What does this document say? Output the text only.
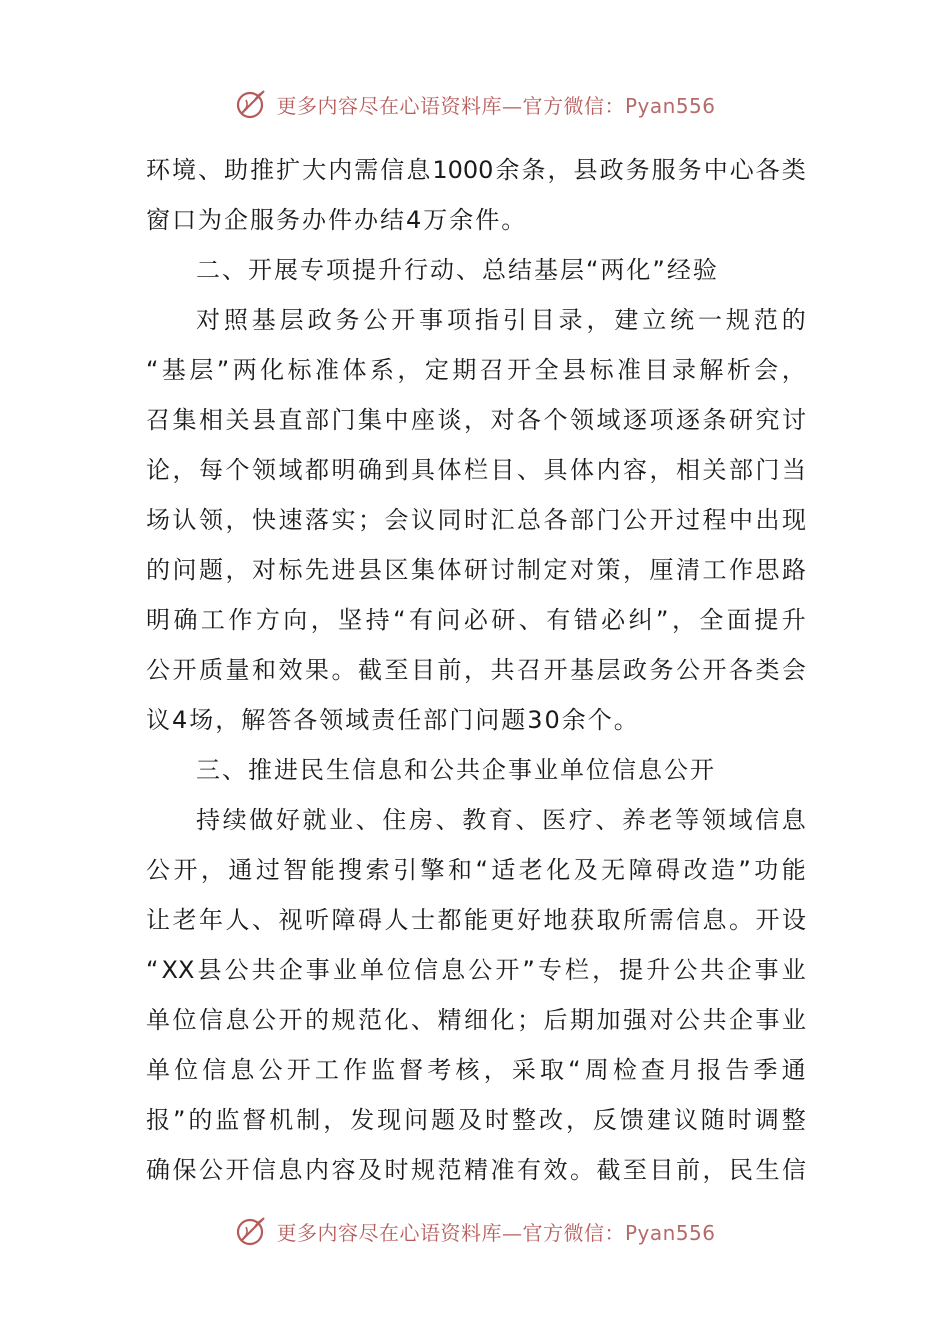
更多内容尽在心语资料库—官方微信：Pyan556
环 境 、 助 推 扩 大 内 需 信 息 1000 余 条 ， 县 政 务 服 务 中 心 各 类
窗口为企服务办件办结4万余件。
二、开展专项提升行动、总结基层“两化”经验
对 照 基 层 政 务 公 开 事 项 指 引 目 录 ， 建 立 统 一 规 范 的
“ 基 层 ” 两 化 标 准 体 系 ， 定 期 召 开 全 县 标 准 目 录 解 析 会 ，
召 集 相 关 县 直 部 门 集 中 座 谈 ， 对 各 个 领 域 逐 项 逐 条 研 究 讨
论 ， 每 个 领 域 都 明 确 到 具 体 栏 目 、 具 体 内 容 ， 相 关 部 门 当
场 认 领 ， 快 速 落 实 ； 会 议 同 时 汇 总 各 部 门 公 开 过 程 中 出 现
的 问 题 ， 对 标 先 进 县 区 集 体 研 讨 制 定 对 策 ， 厘 清 工 作 思 路
明 确 工 作 方 向 ， 坚 持 “ 有 问 必 研 、 有 错 必 纠 ” ， 全 面 提 升
公 开 质 量 和 效 果 。 截 至 目 前 ， 共 召 开 基 层 政 务 公 开 各 类 会
议4场，解答各领域责任部门问题30余个。
三、推进民生信息和公共企事业单位信息公开
持 续 做 好 就 业 、 住 房 、 教 育 、 医 疗 、 养 老 等 领 域 信 息
公 开 ， 通 过 智 能 搜 索 引 擎 和 “ 适 老 化 及 无 障 碍 改 造 ” 功 能
让 老 年 人 、 视 听 障 碍 人 士 都 能 更 好 地 获 取 所 需 信 息 。 开 设
“ XX 县 公 共 企 事 业 单 位 信 息 公 开 ” 专 栏 ， 提 升 公 共 企 事 业
单 位 信 息 公 开 的 规 范 化 、 精 细 化 ； 后 期 加 强 对 公 共 企 事 业
单 位 信 息 公 开 工 作 监 督 考 核 ， 采 取 “ 周 检 查 月 报 告 季 通
报 ” 的 监 督 机 制 ， 发 现 问 题 及 时 整 改 ， 反 馈 建 议 随 时 调 整
确 保 公 开 信 息 内 容 及 时 规 范 精 准 有 效 。 截 至 目 前 ， 民 生 信
更多内容尽在心语资料库—官方微信：Pyan556
